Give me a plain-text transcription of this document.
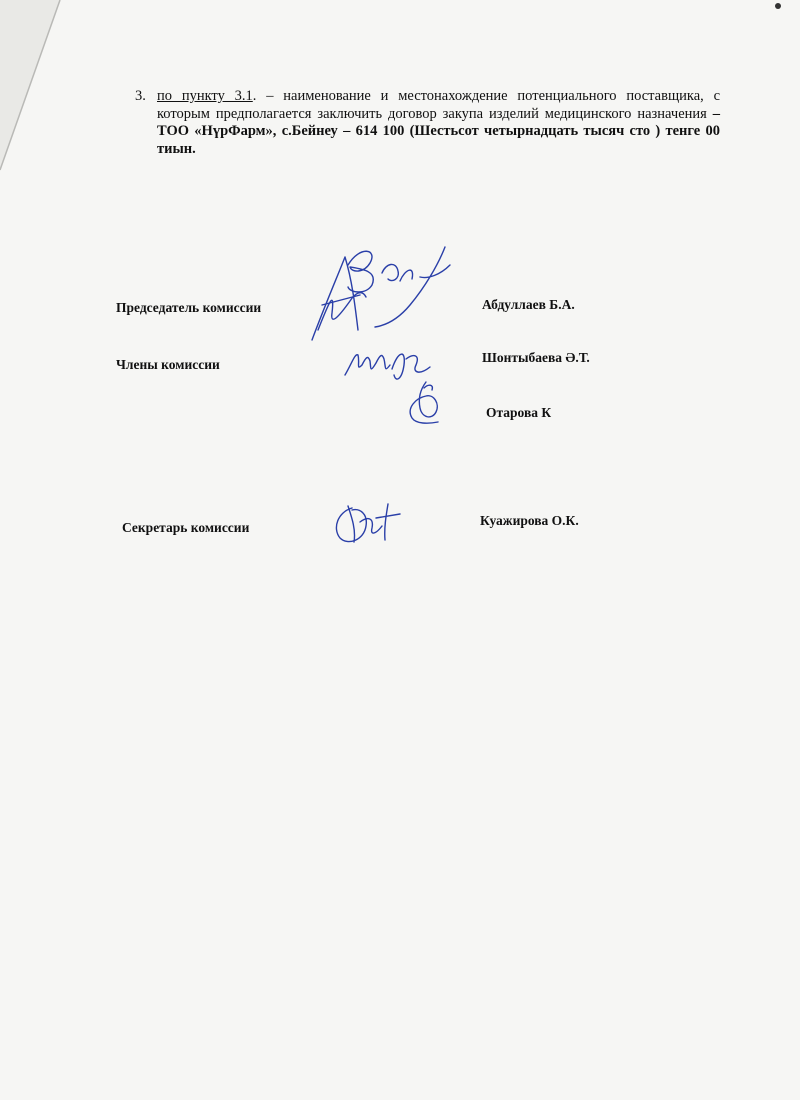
3. по пункту 3.1. – наименование и местонахождение потенциального поставщика, с которым предполагается заключить договор закупа изделий медицинского назначения – ТОО «НүрФарм», с.Бейнеу – 614 100 (Шестьсот четырнадцать тысяч сто ) тенге 00 тиын.
Председатель комиссии	Абдуллаев Б.А.
Члены комиссии	Шонтыбаева Ә.Т.
Отарова К
Секретарь комиссии	Куажирова О.К.
